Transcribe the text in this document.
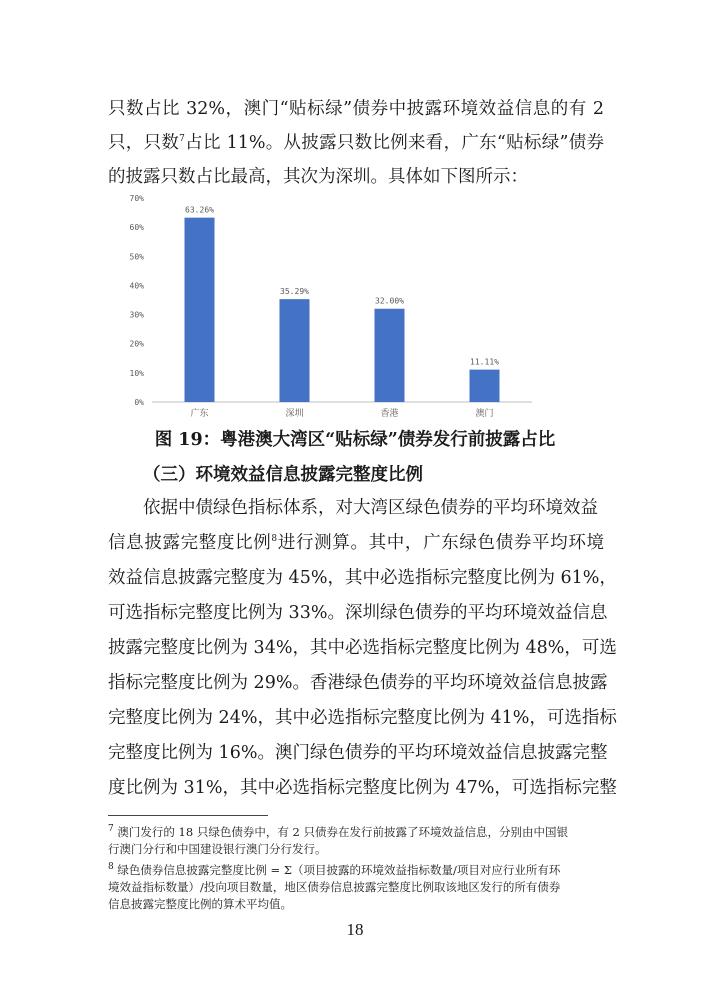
只数占比 32%，澳门“贴标绿”债券中披露环境效益信息的有 2
只，只数$^7$占比 11%。从披露只数比例来看，广东“贴标绿”债券
的披露只数占比最高，其次为深圳。具体如下图所示：
0%
10%
20%
30%
40%
50%
60%
70%
63.26%
35.29%
32.00%
11.11%
广东	深圳	香港	澳门
图 19：粤港澳大湾区“贴标绿”债券发行前披露占比
（三）环境效益信息披露完整度比例
依据中债绿色指标体系，对大湾区绿色债券的平均环境效益
信息披露完整度比例$^8$进行测算。其中，广东绿色债券平均环境
效益信息披露完整度为 45%，其中必选指标完整度比例为 61%，
可选指标完整度比例为 33%。深圳绿色债券的平均环境效益信息
披露完整度比例为 34%，其中必选指标完整度比例为 48%，可选
指标完整度比例为 29%。香港绿色债券的平均环境效益信息披露
完整度比例为 24%，其中必选指标完整度比例为 41%，可选指标
完整度比例为 16%。澳门绿色债券的平均环境效益信息披露完整
度比例为 31%，其中必选指标完整度比例为 47%，可选指标完整
$^7$ 澳门发行的 18 只绿色债券中，有 2 只债券在发行前披露了环境效益信息，分别由中国银
行澳门分行和中国建设银行澳门分行发行。
$^8$ 绿色债券信息披露完整度比例 = Σ（项目披露的环境效益指标数量/项目对应行业所有环
境效益指标数量）/投向项目数量，地区债券信息披露完整度比例取该地区发行的所有债券
信息披露完整度比例的算术平均值。
18
